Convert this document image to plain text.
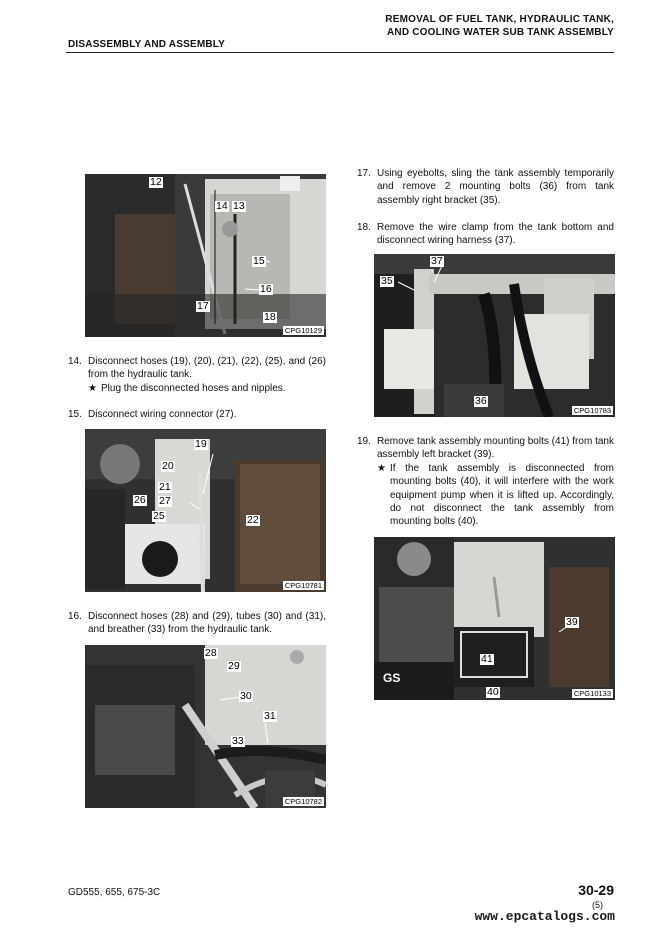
DISASSEMBLY AND ASSEMBLY
REMOVAL OF FUEL TANK, HYDRAULIC TANK,
AND COOLING WATER SUB TANK ASSEMBLY
12
14 13
15
16
17
18
CPG10129
14. Disconnect hoses (19), (20), (21), (22), (25), and (26) from the hydraulic tank.
★ Plug the disconnected hoses and nipples.
15. Disconnect wiring connector (27).
19
20
21
27
26
25	22
CPG10781
16. Disconnect hoses (28) and (29), tubes (30) and (31), and breather (33) from the hydraulic tank.
28
29
30
31
33
CPG10782
17. Using eyebolts, sling the tank assembly temporarily and remove 2 mounting bolts (36) from tank assembly right bracket (35).
18. Remove the wire clamp from the tank bottom and disconnect wiring harness (37).
37
35
36
CPG10783
19. Remove tank assembly mounting bolts (41) from tank assembly left bracket (39).
★ If the tank assembly is disconnected from mounting bolts (40), it will interfere with the work equipment pump when it is lifted up. Accordingly, do not disconnect the tank assembly from mounting bolts (40).
39
41
40
GS
CPG10133
GD555, 655, 675-3C	30-29
(5)
www.epcatalogs.com
